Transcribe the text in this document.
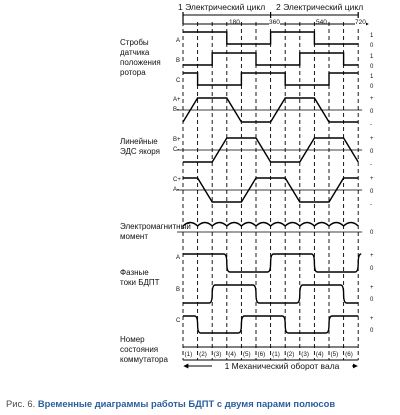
1 Электрический цикл 2 Электрический цикл
180	360	540	720
Стробы датчика положения ротора
Линейные ЭДС якоря
Электромагнитный момент
Фазные токи БДПТ
Номер состояния коммутатора
A
B
C
A+
B-
B+
C-
C+
A-
A
B
C
1
0
1
0
1
0
+
0
-
+
0
-
+
0
-
0
+
0
+
0
+
0
(1) (2) (3) (4) (5) (6) (1) (2) (3) (4) (5) (6)
1 Механический оборот вала
Рис. 6. Временные диаграммы работы БДПТ с двумя парами полюсов
